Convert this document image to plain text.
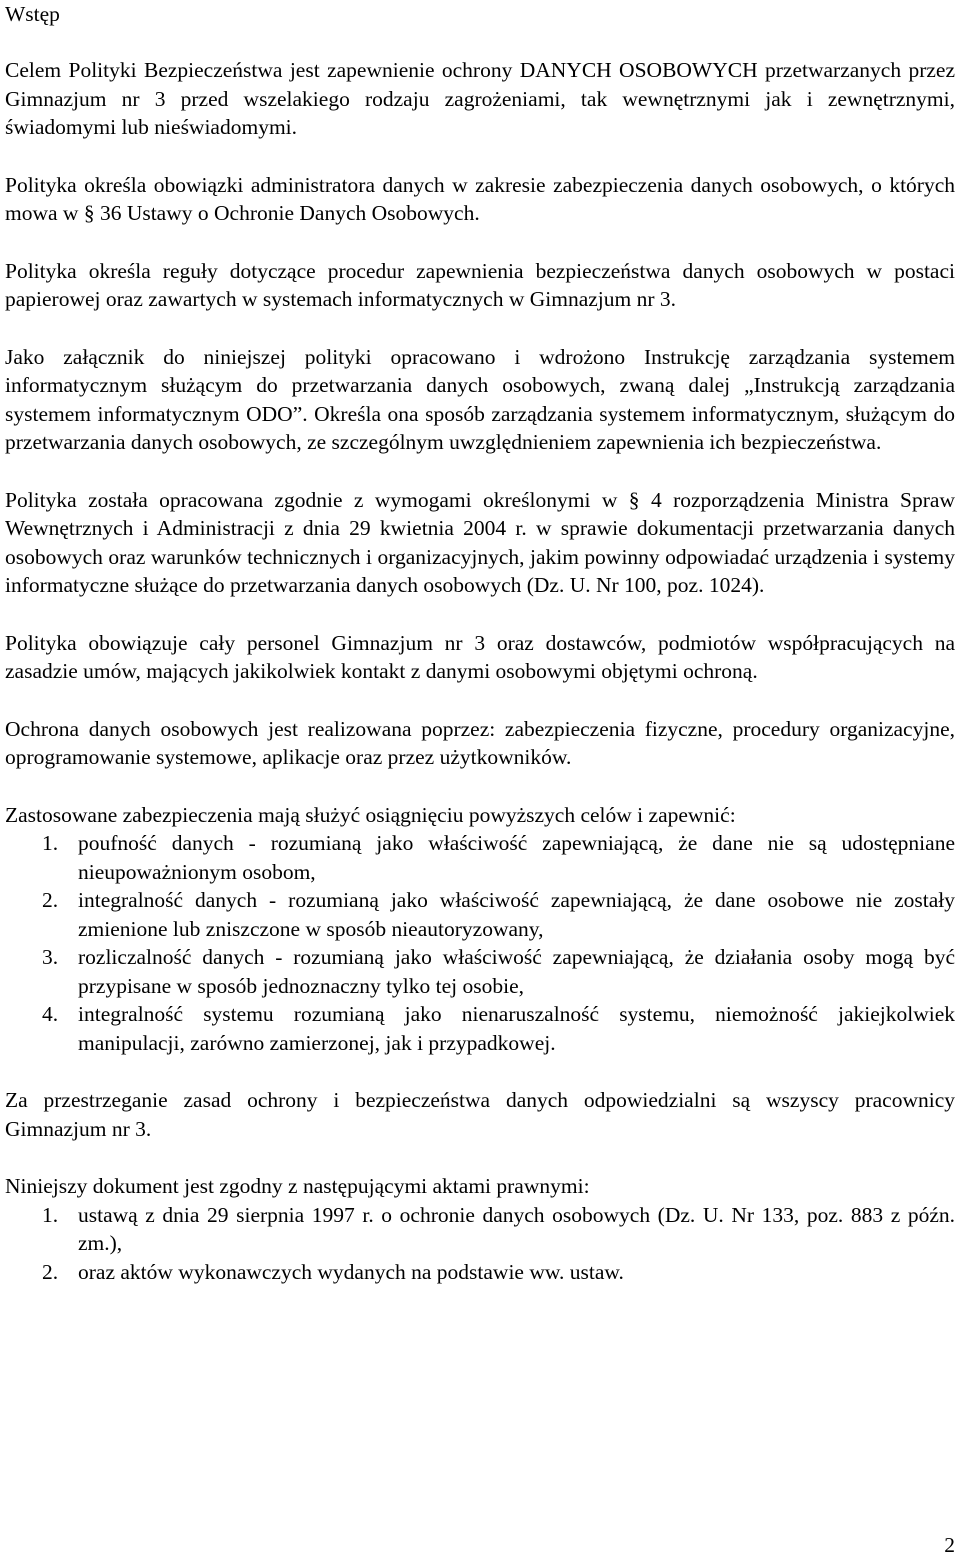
Wstęp

Celem Polityki Bezpieczeństwa jest zapewnienie ochrony DANYCH OSOBOWYCH przetwarzanych przez Gimnazjum nr 3 przed wszelakiego rodzaju zagrożeniami, tak wewnętrznymi jak i zewnętrznymi, świadomymi lub nieświadomymi.

Polityka określa obowiązki administratora danych w zakresie zabezpieczenia danych osobowych, o których mowa w § 36 Ustawy o Ochronie Danych Osobowych.

Polityka określa reguły dotyczące procedur zapewnienia bezpieczeństwa danych osobowych w postaci papierowej oraz zawartych w systemach informatycznych w Gimnazjum nr 3.

Jako załącznik do niniejszej polityki opracowano i wdrożono Instrukcję zarządzania systemem informatycznym służącym do przetwarzania danych osobowych, zwaną dalej „Instrukcją zarządzania systemem informatycznym ODO”. Określa ona sposób zarządzania systemem informatycznym, służącym do przetwarzania danych osobowych, ze szczególnym uwzględnieniem zapewnienia ich bezpieczeństwa.

Polityka została opracowana zgodnie z wymogami określonymi w § 4 rozporządzenia Ministra Spraw Wewnętrznych i Administracji z dnia 29 kwietnia 2004 r. w sprawie dokumentacji przetwarzania danych osobowych oraz warunków technicznych i organizacyjnych, jakim powinny odpowiadać urządzenia i systemy informatyczne służące do przetwarzania danych osobowych (Dz. U. Nr 100, poz. 1024).

Polityka obowiązuje cały personel Gimnazjum nr 3 oraz dostawców, podmiotów współpracujących na zasadzie umów, mających jakikolwiek kontakt z danymi osobowymi objętymi ochroną.

Ochrona danych osobowych jest realizowana poprzez: zabezpieczenia fizyczne, procedury organizacyjne, oprogramowanie systemowe, aplikacje oraz przez użytkowników.

Zastosowane zabezpieczenia mają służyć osiągnięciu powyższych celów i zapewnić:

1. poufność danych - rozumianą jako właściwość zapewniającą, że dane nie są udostępniane nieupoważnionym osobom,
2. integralność danych - rozumianą jako właściwość zapewniającą, że dane osobowe nie zostały zmienione lub zniszczone w sposób nieautoryzowany,
3. rozliczalność danych - rozumianą jako właściwość zapewniającą, że działania osoby mogą być przypisane w sposób jednoznaczny tylko tej osobie,
4. integralność systemu rozumianą jako nienaruszalność systemu, niemożność jakiejkolwiek manipulacji, zarówno zamierzonej, jak i przypadkowej.

Za przestrzeganie zasad ochrony i bezpieczeństwa danych odpowiedzialni są wszyscy pracownicy Gimnazjum nr 3.

Niniejszy dokument jest zgodny z następującymi aktami prawnymi:

1. ustawą z dnia 29 sierpnia 1997 r. o ochronie danych osobowych (Dz. U. Nr 133, poz. 883 z późn. zm.),
2. oraz aktów wykonawczych wydanych na podstawie ww. ustaw.
2
